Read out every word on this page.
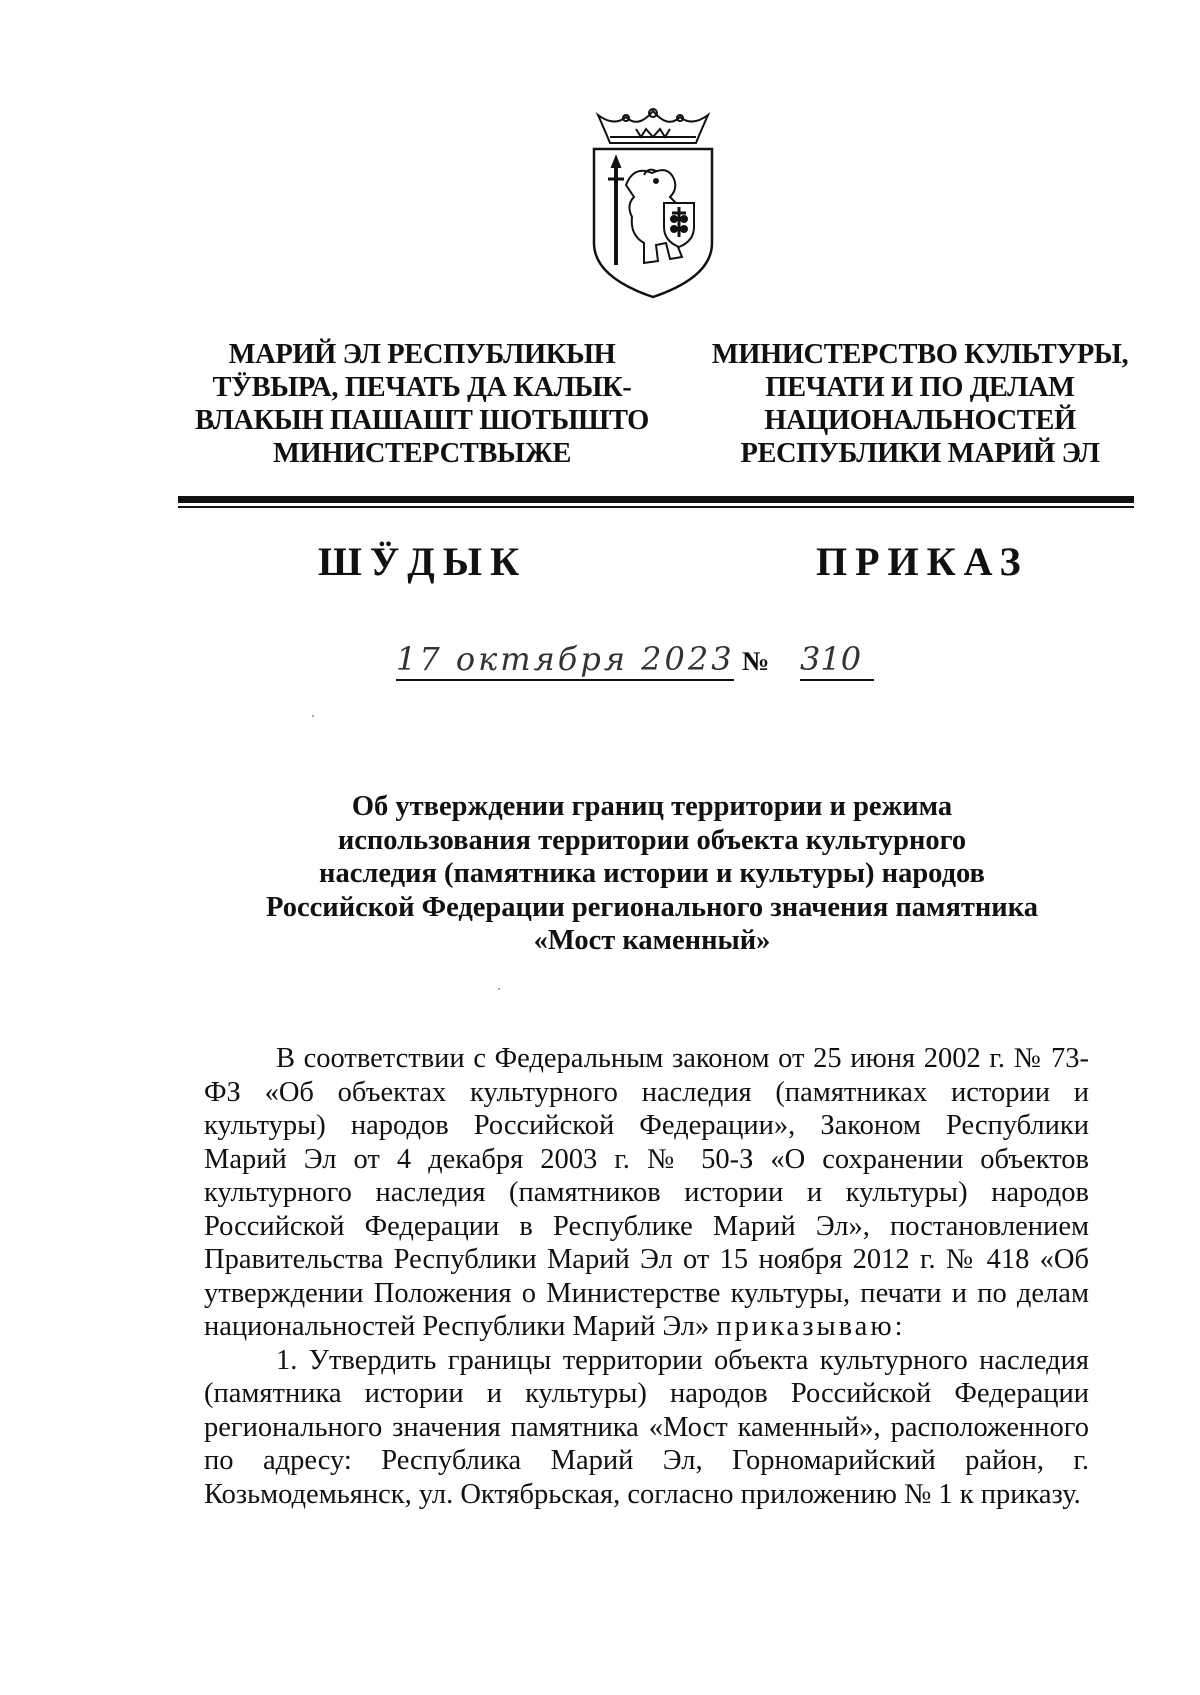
МАРИЙ ЭЛ РЕСПУБЛИКЫН
ТӰВЫРА, ПЕЧАТЬ ДА КАЛЫК-
ВЛАКЫН ПАШАШТ ШОТЫШТО
МИНИСТЕРСТВЫЖЕ
МИНИСТЕРСТВО КУЛЬТУРЫ,
ПЕЧАТИ И ПО ДЕЛАМ
НАЦИОНАЛЬНОСТЕЙ
РЕСПУБЛИКИ МАРИЙ ЭЛ
ШӰДЫК	ПРИКАЗ
17 октября 2023 № 310
Об утверждении границ территории и режима
использования территории объекта культурного
наследия (памятника истории и культуры) народов
Российской Федерации регионального значения памятника
«Мост каменный»

В соответствии с Федеральным законом от 25 июня 2002 г. № 73-ФЗ «Об объектах культурного наследия (памятниках истории и культуры) народов Российской Федерации», Законом Республики Марий Эл от 4 декабря 2003 г. № 50-З «О сохранении объектов культурного наследия (памятников истории и культуры) народов Российской Федерации в Республике Марий Эл», постановлением Правительства Республики Марий Эл от 15 ноября 2012 г. № 418 «Об утверждении Положения о Министерстве культуры, печати и по делам национальностей Республики Марий Эл» приказываю:

1. Утвердить границы территории объекта культурного наследия (памятника истории и культуры) народов Российской Федерации регионального значения памятника «Мост каменный», расположенного по адресу: Республика Марий Эл, Горномарийский район, г. Козьмодемьянск, ул. Октябрьская, согласно приложению № 1 к приказу.
